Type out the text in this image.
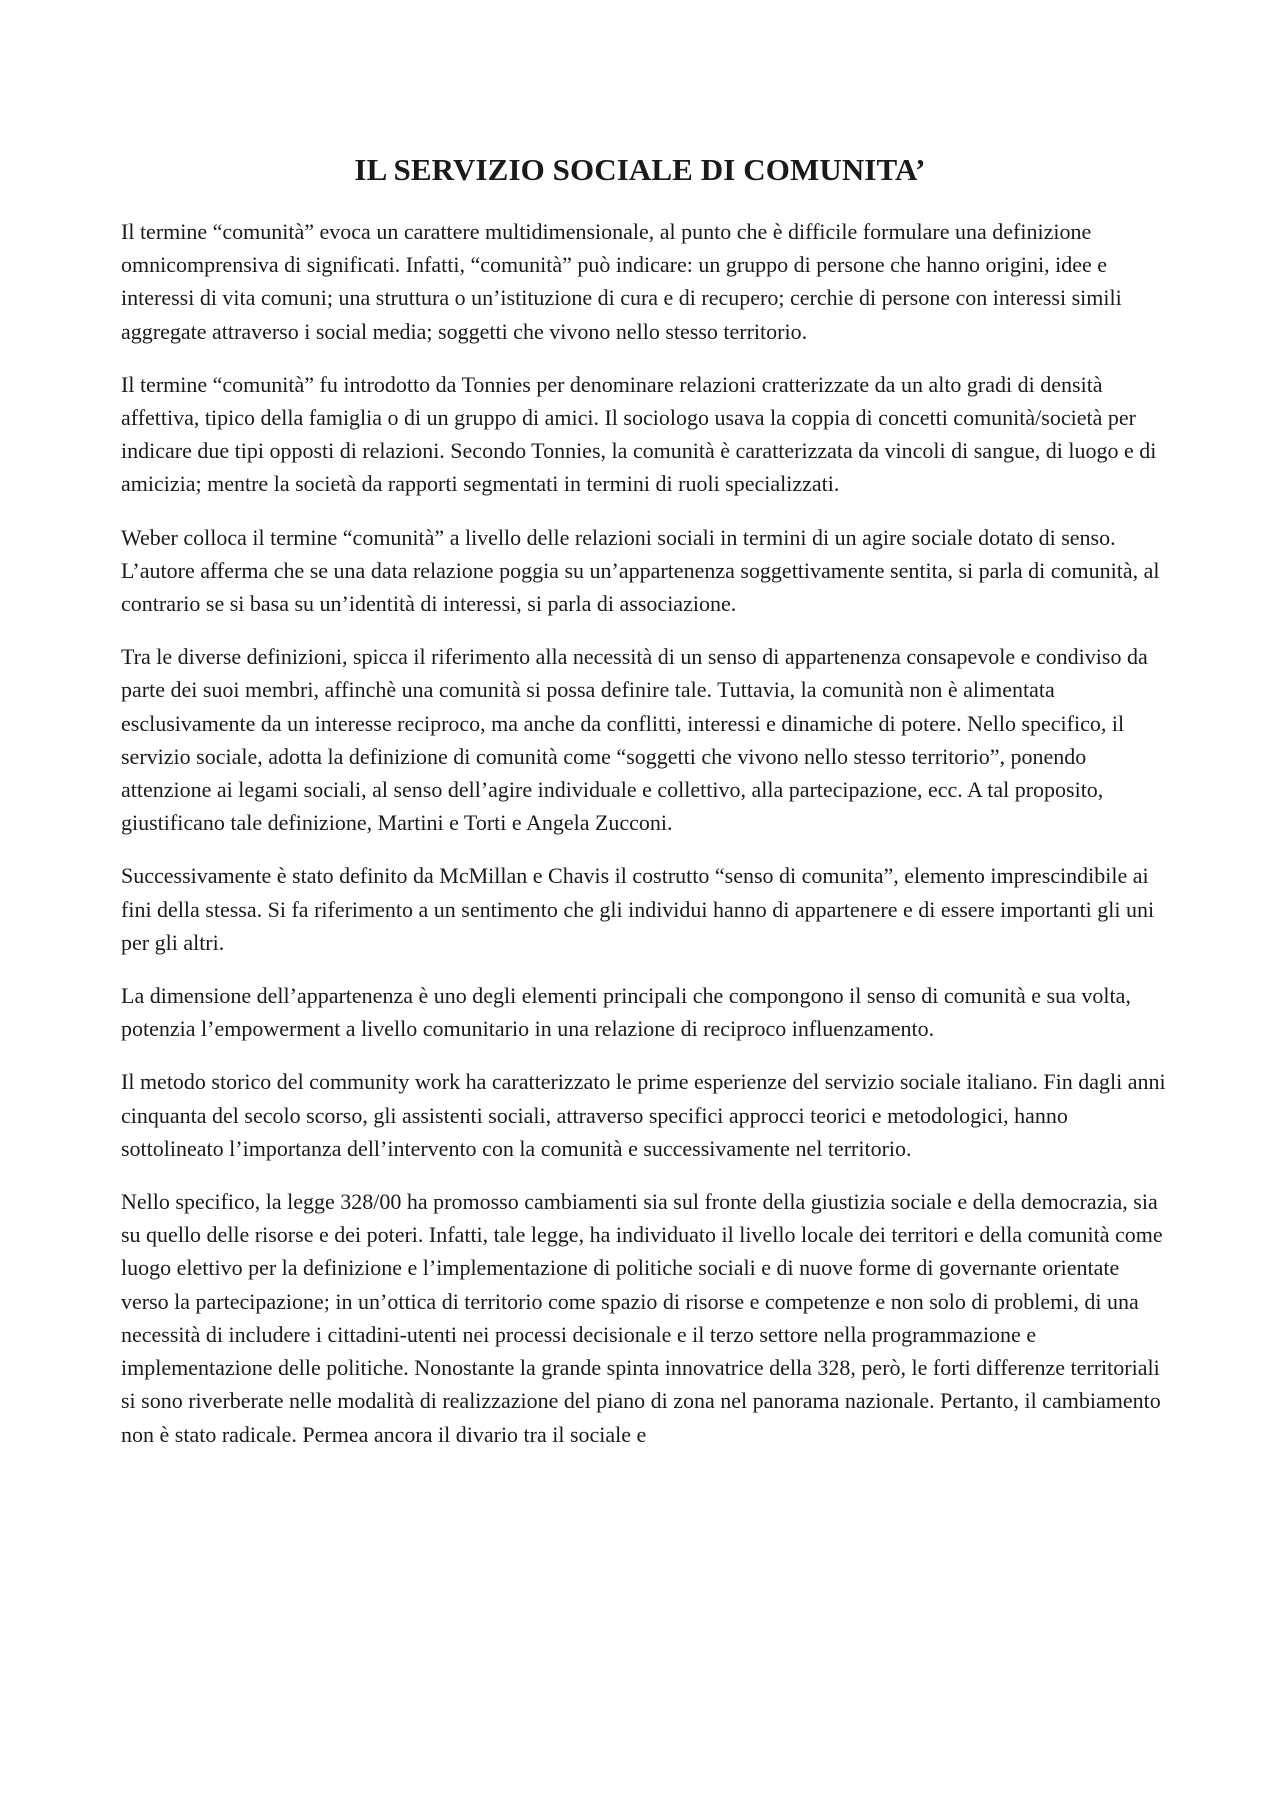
IL SERVIZIO SOCIALE DI COMUNITA’

Il termine “comunità” evoca un carattere multidimensionale, al punto che è difficile formulare una definizione omnicomprensiva di significati. Infatti, “comunità” può indicare: un gruppo di persone che hanno origini, idee e interessi di vita comuni; una struttura o un’istituzione di cura e di recupero; cerchie di persone con interessi simili aggregate attraverso i social media; soggetti che vivono nello stesso territorio.

Il termine “comunità” fu introdotto da Tonnies per denominare relazioni cratterizzate da un alto gradi di densità affettiva, tipico della famiglia o di un gruppo di amici. Il sociologo usava la coppia di concetti comunità/società per indicare due tipi opposti di relazioni. Secondo Tonnies, la comunità è caratterizzata da vincoli di sangue, di luogo e di amicizia; mentre la società da rapporti segmentati in termini di ruoli specializzati.

Weber colloca il termine “comunità” a livello delle relazioni sociali in termini di un agire sociale dotato di senso. L’autore afferma che se una data relazione poggia su un’appartenenza soggettivamente sentita, si parla di comunità, al contrario se si basa su un’identità di interessi, si parla di associazione.

Tra le diverse definizioni, spicca il riferimento alla necessità di un senso di appartenenza consapevole e condiviso da parte dei suoi membri, affinchè una comunità si possa definire tale. Tuttavia, la comunità non è alimentata esclusivamente da un interesse reciproco, ma anche da conflitti, interessi e dinamiche di potere. Nello specifico, il servizio sociale, adotta la definizione di comunità come “soggetti che vivono nello stesso territorio”, ponendo attenzione ai legami sociali, al senso dell’agire individuale e collettivo, alla partecipazione, ecc. A tal proposito, giustificano tale definizione, Martini e Torti e Angela Zucconi.

Successivamente è stato definito da McMillan e Chavis il costrutto “senso di comunita”, elemento imprescindibile ai fini della stessa. Si fa riferimento a un sentimento che gli individui hanno di appartenere e di essere importanti gli uni per gli altri.

La dimensione dell’appartenenza è uno degli elementi principali che compongono il senso di comunità e sua volta, potenzia l’empowerment a livello comunitario in una relazione di reciproco influenzamento.

Il metodo storico del community work ha caratterizzato le prime esperienze del servizio sociale italiano. Fin dagli anni cinquanta del secolo scorso, gli assistenti sociali, attraverso specifici approcci teorici e metodologici, hanno sottolineato l’importanza dell’intervento con la comunità e successivamente nel territorio.

Nello specifico, la legge 328/00 ha promosso cambiamenti sia sul fronte della giustizia sociale e della democrazia, sia su quello delle risorse e dei poteri. Infatti, tale legge, ha individuato il livello locale dei territori e della comunità come luogo elettivo per la definizione e l’implementazione di politiche sociali e di nuove forme di governante orientate verso la partecipazione; in un’ottica di territorio come spazio di risorse e competenze e non solo di problemi, di una necessità di includere i cittadini-utenti nei processi decisionale e il terzo settore nella programmazione e implementazione delle politiche. Nonostante la grande spinta innovatrice della 328, però, le forti differenze territoriali si sono riverberate nelle modalità di realizzazione del piano di zona nel panorama nazionale. Pertanto, il cambiamento non è stato radicale. Permea ancora il divario tra il sociale e
